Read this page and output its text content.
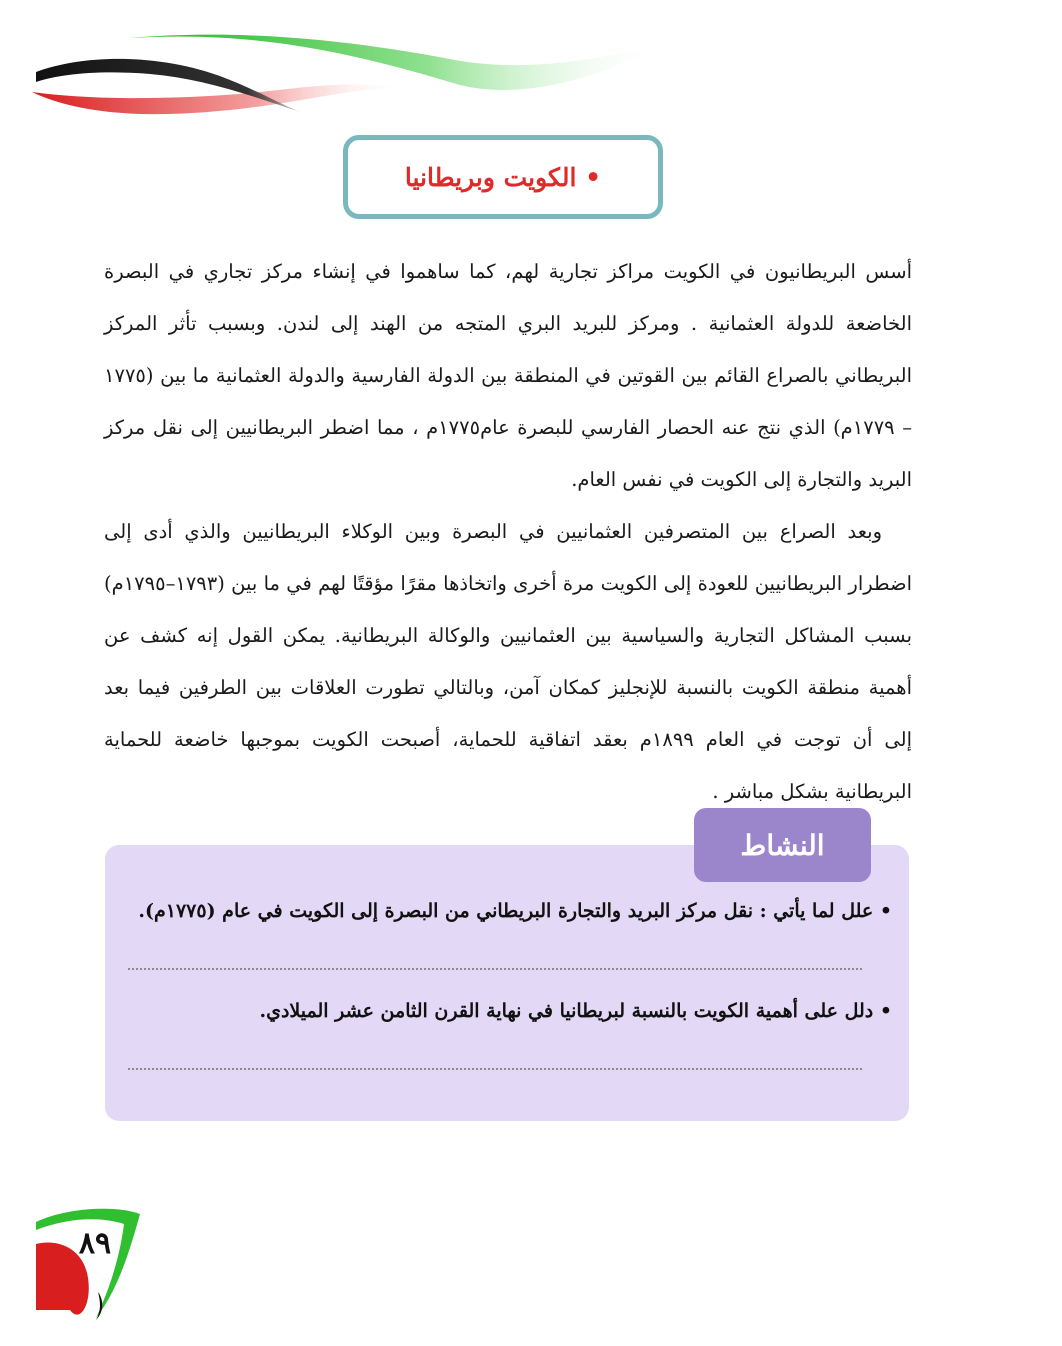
• الكويت وبريطانيا

أسس البريطانيون في الكويت مراكز تجارية لهم، كما ساهموا في إنشاء مركز تجاري في البصرة الخاضعة للدولة العثمانية . ومركز للبريد البري المتجه من الهند إلى لندن. وبسبب تأثر المركز البريطاني بالصراع القائم بين القوتين في المنطقة بين الدولة الفارسية والدولة العثمانية ما بين (١٧٧٥ – ١٧٧٩م) الذي نتج عنه الحصار الفارسي للبصرة عام١٧٧٥م ، مما اضطر البريطانيين إلى نقل مركز البريد والتجارة إلى الكويت في نفس العام.

وبعد الصراع بين المتصرفين العثمانيين في البصرة وبين الوكلاء البريطانيين والذي أدى إلى اضطرار البريطانيين للعودة إلى الكويت مرة أخرى واتخاذها مقرًا مؤقتًا لهم في ما بين (١٧٩٣–١٧٩٥م) بسبب المشاكل التجارية والسياسية بين العثمانيين والوكالة البريطانية. يمكن القول إنه كشف عن أهمية منطقة الكويت بالنسبة للإنجليز كمكان آمن، وبالتالي تطورت العلاقات بين الطرفين فيما بعد إلى أن توجت في العام ١٨٩٩م بعقد اتفاقية للحماية، أصبحت الكويت بموجبها خاضعة للحماية البريطانية بشكل مباشر .

النشاط
• علل لما يأتي : نقل مركز البريد والتجارة البريطاني من البصرة إلى الكويت في عام (١٧٧٥م).
• دلل على أهمية الكويت بالنسبة لبريطانيا في نهاية القرن الثامن عشر الميلادي.
٨٩
